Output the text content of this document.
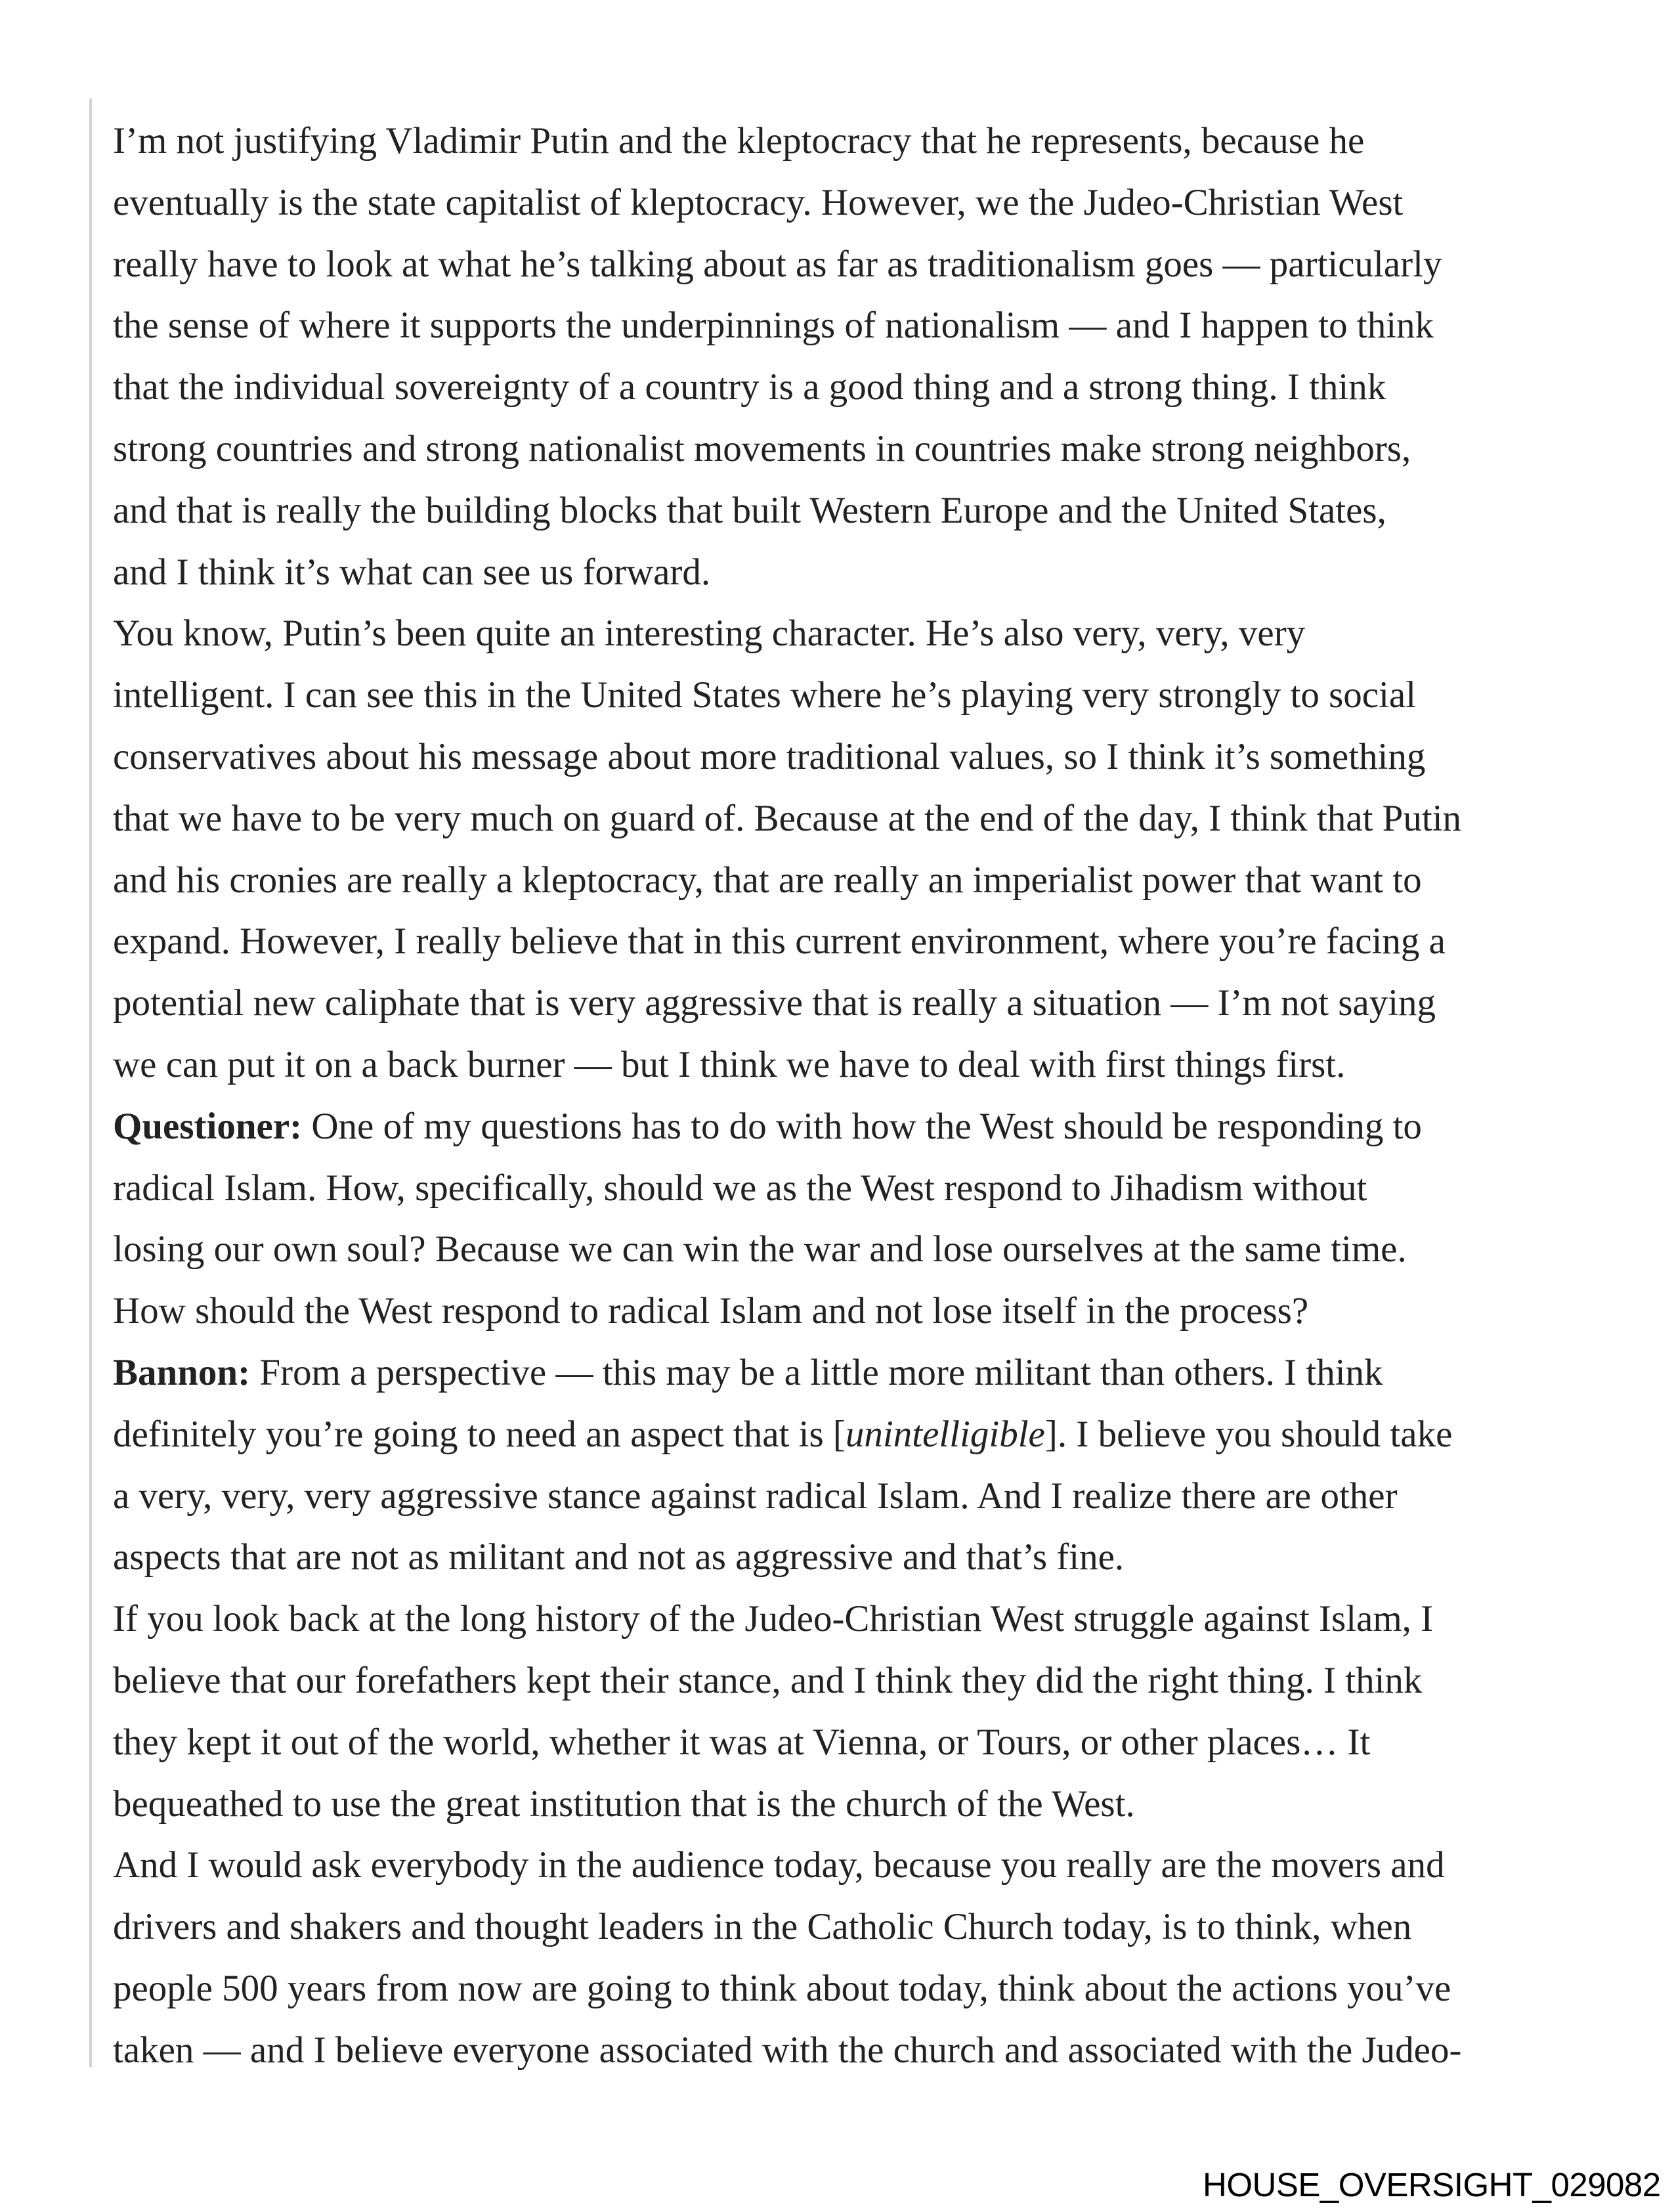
I’m not justifying Vladimir Putin and the kleptocracy that he represents, because he
eventually is the state capitalist of kleptocracy. However, we the Judeo-Christian West
really have to look at what he’s talking about as far as traditionalism goes — particularly
the sense of where it supports the underpinnings of nationalism — and I happen to think
that the individual sovereignty of a country is a good thing and a strong thing. I think
strong countries and strong nationalist movements in countries make strong neighbors,
and that is really the building blocks that built Western Europe and the United States,
and I think it’s what can see us forward.
You know, Putin’s been quite an interesting character. He’s also very, very, very
intelligent. I can see this in the United States where he’s playing very strongly to social
conservatives about his message about more traditional values, so I think it’s something
that we have to be very much on guard of. Because at the end of the day, I think that Putin
and his cronies are really a kleptocracy, that are really an imperialist power that want to
expand. However, I really believe that in this current environment, where you’re facing a
potential new caliphate that is very aggressive that is really a situation — I’m not saying
we can put it on a back burner — but I think we have to deal with first things first.
Questioner: One of my questions has to do with how the West should be responding to
radical Islam. How, specifically, should we as the West respond to Jihadism without
losing our own soul? Because we can win the war and lose ourselves at the same time.
How should the West respond to radical Islam and not lose itself in the process?
Bannon: From a perspective — this may be a little more militant than others. I think
definitely you’re going to need an aspect that is [unintelligible]. I believe you should take
a very, very, very aggressive stance against radical Islam. And I realize there are other
aspects that are not as militant and not as aggressive and that’s fine.
If you look back at the long history of the Judeo-Christian West struggle against Islam, I
believe that our forefathers kept their stance, and I think they did the right thing. I think
they kept it out of the world, whether it was at Vienna, or Tours, or other places… It
bequeathed to use the great institution that is the church of the West.
And I would ask everybody in the audience today, because you really are the movers and
drivers and shakers and thought leaders in the Catholic Church today, is to think, when
people 500 years from now are going to think about today, think about the actions you’ve
taken — and I believe everyone associated with the church and associated with the Judeo-
HOUSE_OVERSIGHT_029082
